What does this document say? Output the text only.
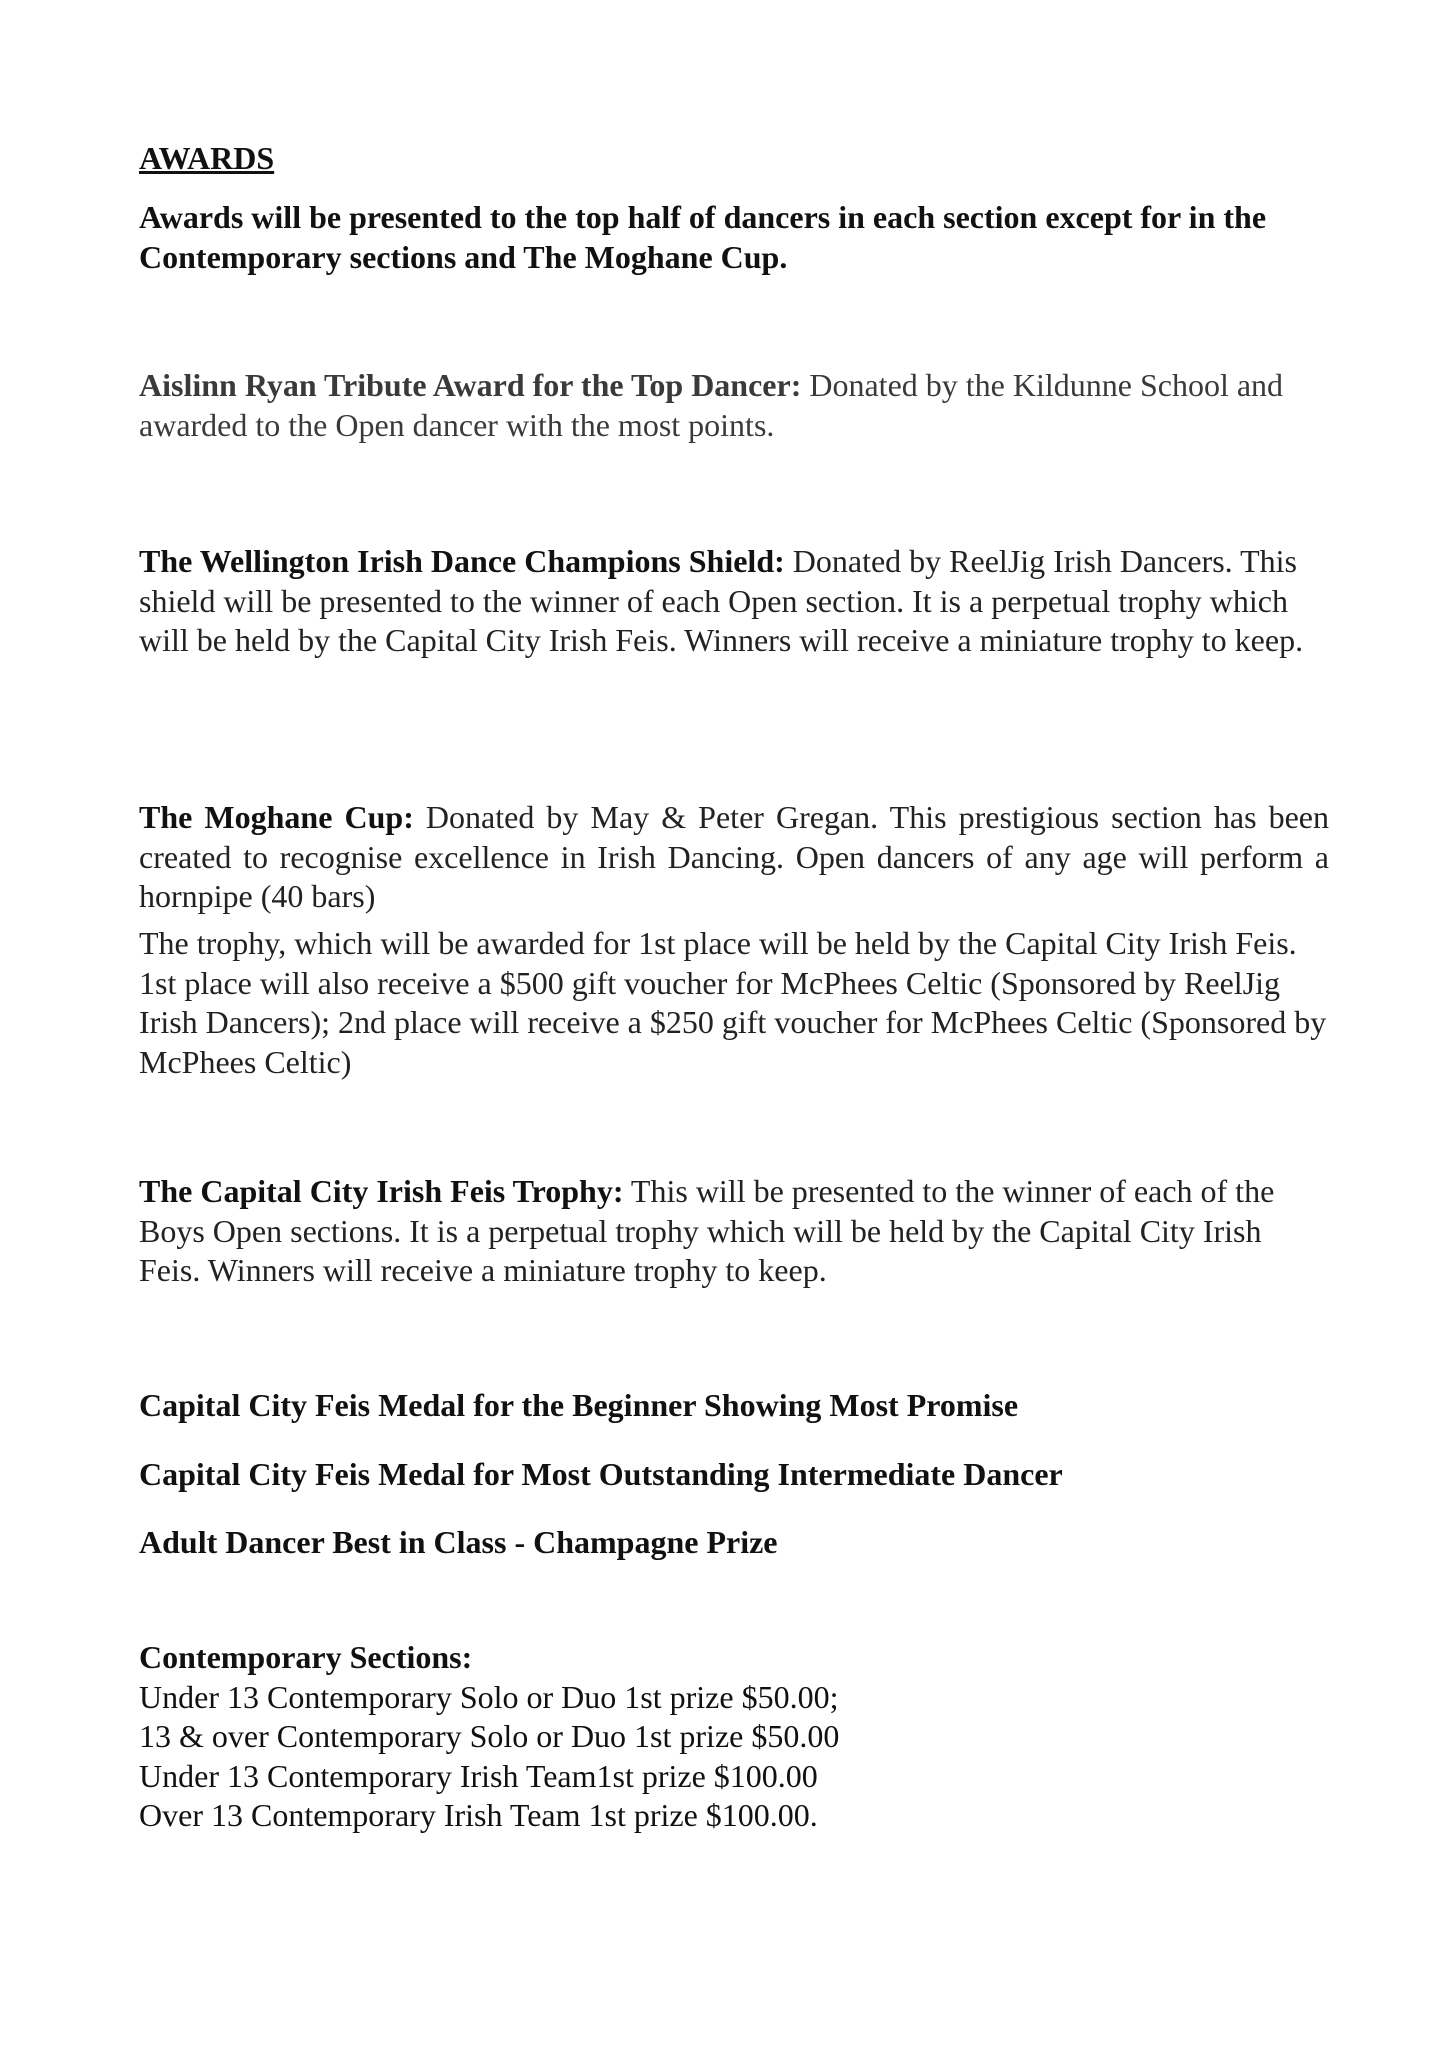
AWARDS

Awards will be presented to the top half of dancers in each section except for in the Contemporary sections and The Moghane Cup.

Aislinn Ryan Tribute Award for the Top Dancer: Donated by the Kildunne School and awarded to the Open dancer with the most points.

The Wellington Irish Dance Champions Shield: Donated by ReelJig Irish Dancers. This shield will be presented to the winner of each Open section. It is a perpetual trophy which will be held by the Capital City Irish Feis. Winners will receive a miniature trophy to keep.

The Moghane Cup: Donated by May & Peter Gregan. This prestigious section has been created to recognise excellence in Irish Dancing. Open dancers of any age will perform a hornpipe (40 bars)

The trophy, which will be awarded for 1st place will be held by the Capital City Irish Feis. 1st place will also receive a $500 gift voucher for McPhees Celtic (Sponsored by ReelJig Irish Dancers); 2nd place will receive a $250 gift voucher for McPhees Celtic (Sponsored by McPhees Celtic)

The Capital City Irish Feis Trophy: This will be presented to the winner of each of the Boys Open sections. It is a perpetual trophy which will be held by the Capital City Irish Feis. Winners will receive a miniature trophy to keep.

Capital City Feis Medal for the Beginner Showing Most Promise

Capital City Feis Medal for Most Outstanding Intermediate Dancer

Adult Dancer Best in Class - Champagne Prize

Contemporary Sections:
Under 13 Contemporary Solo or Duo 1st prize $50.00;
13 & over Contemporary Solo or Duo 1st prize $50.00
Under 13 Contemporary Irish Team1st prize $100.00
Over 13 Contemporary Irish Team 1st prize $100.00.
